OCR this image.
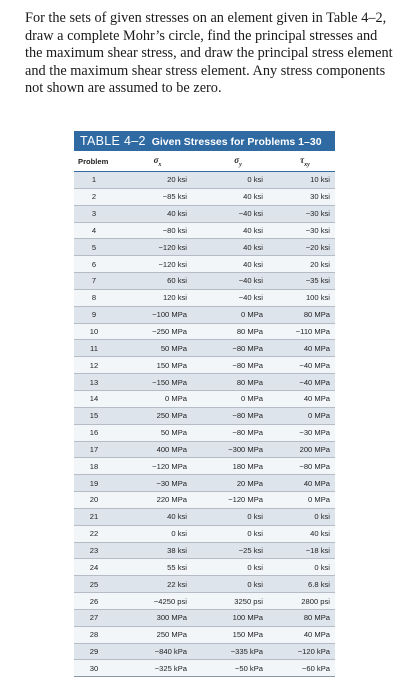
For the sets of given stresses on an element given in Table 4–2, draw a complete Mohr’s circle, find the principal stresses and the maximum shear stress, and draw the principal stress element and the maximum shear stress element. Any stress components not shown are assumed to be zero.

TABLE 4–2 Given Stresses for Problems 1–30
Problem	$\sigma_x$	$\sigma_y$	$\tau_{xy}$
1	20 ksi	0 ksi	10 ksi
2	−85 ksi	40 ksi	30 ksi
3	40 ksi	−40 ksi	−30 ksi
4	−80 ksi	40 ksi	−30 ksi
5	−120 ksi	40 ksi	−20 ksi
6	−120 ksi	40 ksi	20 ksi
7	60 ksi	−40 ksi	−35 ksi
8	120 ksi	−40 ksi	100 ksi
9	−100 MPa	0 MPa	80 MPa
10	−250 MPa	80 MPa	−110 MPa
11	50 MPa	−80 MPa	40 MPa
12	150 MPa	−80 MPa	−40 MPa
13	−150 MPa	80 MPa	−40 MPa
14	0 MPa	0 MPa	40 MPa
15	250 MPa	−80 MPa	0 MPa
16	50 MPa	−80 MPa	−30 MPa
17	400 MPa	−300 MPa	200 MPa
18	−120 MPa	180 MPa	−80 MPa
19	−30 MPa	20 MPa	40 MPa
20	220 MPa	−120 MPa	0 MPa
21	40 ksi	0 ksi	0 ksi
22	0 ksi	0 ksi	40 ksi
23	38 ksi	−25 ksi	−18 ksi
24	55 ksi	0 ksi	0 ksi
25	22 ksi	0 ksi	6.8 ksi
26	−4250 psi	3250 psi	2800 psi
27	300 MPa	100 MPa	80 MPa
28	250 MPa	150 MPa	40 MPa
29	−840 kPa	−335 kPa	−120 kPa
30	−325 kPa	−50 kPa	−60 kPa
